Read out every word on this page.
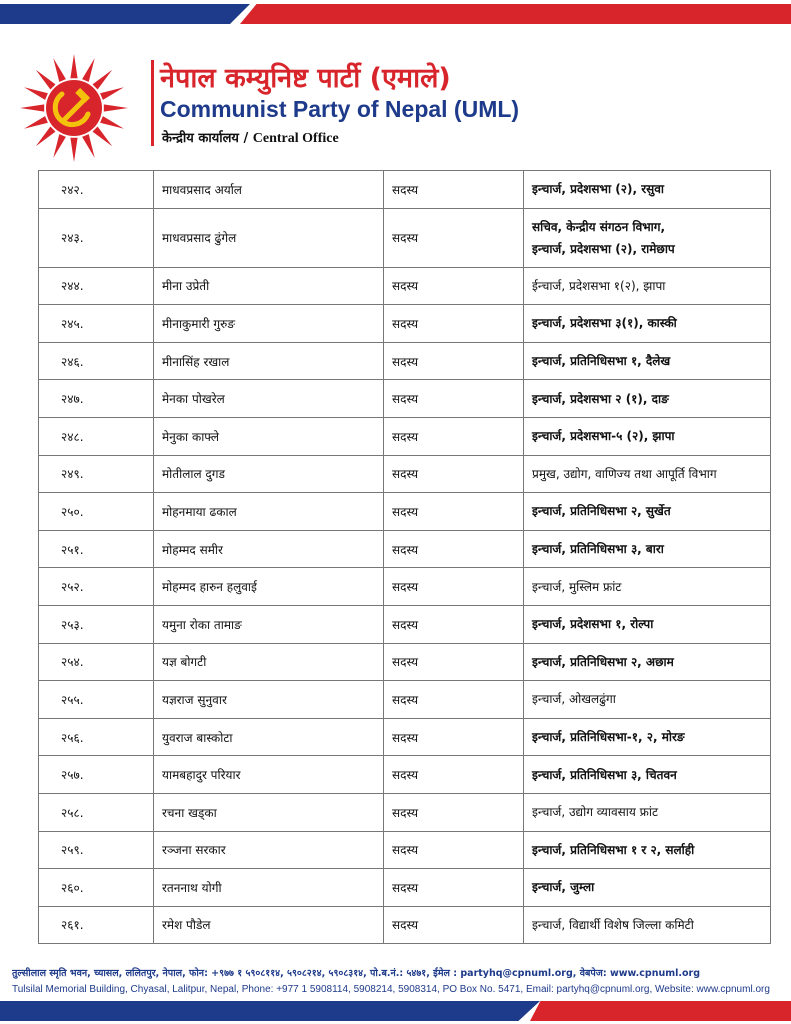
नेपाल कम्युनिष्ट पार्टी (एमाले)
Communist Party of Nepal (UML)
केन्द्रीय कार्यालय / Central Office
२४२.	माधवप्रसाद अर्याल	सदस्य	इन्चार्ज, प्रदेशसभा (२), रसुवा

२४३.	माधवप्रसाद ढुंगेल	सदस्य	सचिव, केन्द्रीय संगठन विभाग,
इन्चार्ज, प्रदेशसभा (२), रामेछाप

२४४.	मीना उप्रेती	सदस्य	ईन्चार्ज, प्रदेशसभा १(२), झापा

२४५.	मीनाकुमारी गुरुङ	सदस्य	इन्चार्ज, प्रदेशसभा ३(१), कास्की

२४६.	मीनासिंह रखाल	सदस्य	इन्चार्ज, प्रतिनिधिसभा १, दैलेख

२४७.	मेनका पोखरेल	सदस्य	इन्चार्ज, प्रदेशसभा २ (१), दाङ

२४८.	मेनुका काफ्ले	सदस्य	इन्चार्ज, प्रदेशसभा-५ (२), झापा

२४९.	मोतीलाल दुगड	सदस्य	प्रमुख, उद्योग, वाणिज्य तथा आपूर्ति विभाग

२५०.	मोहनमाया ढकाल	सदस्य	इन्चार्ज, प्रतिनिधिसभा २, सुर्खेत

२५१.	मोहम्मद समीर	सदस्य	इन्चार्ज, प्रतिनिधिसभा ३, बारा

२५२.	मोहम्मद हारुन हलुवाई	सदस्य	इन्चार्ज, मुस्लिम फ्रांट

२५३.	यमुना रोका तामाङ	सदस्य	इन्चार्ज, प्रदेशसभा १, रोल्पा

२५४.	यज्ञ बोगटी	सदस्य	इन्चार्ज, प्रतिनिधिसभा २, अछाम

२५५.	यज्ञराज सुनुवार	सदस्य	इन्चार्ज, ओखलढुंगा

२५६.	युवराज बास्कोटा	सदस्य	इन्चार्ज, प्रतिनिधिसभा-१, २, मोरङ

२५७.	यामबहादुर परियार	सदस्य	इन्चार्ज, प्रतिनिधिसभा ३, चितवन

२५८.	रचना खड्का	सदस्य	इन्चार्ज, उद्योग व्यावसाय फ्रांट

२५९.	रञ्जना सरकार	सदस्य	इन्चार्ज, प्रतिनिधिसभा १ र २, सर्लाही

२६०.	रतननाथ योगी	सदस्य	इन्चार्ज, जुम्ला

२६१.	रमेश पौडेल	सदस्य	इन्चार्ज, विद्यार्थी विशेष जिल्ला कमिटी
तुल्सीलाल स्मृति भवन, च्यासल, ललितपुर, नेपाल, फोन: +९७७ १ ५९०८११४, ५९०८२१४, ५९०८३१४, पो.ब.नं.: ५४७१, ईमेल : partyhq@cpnuml.org, वेबपेज: www.cpnuml.org
Tulsilal Memorial Building, Chyasal, Lalitpur, Nepal, Phone: +977 1 5908114, 5908214, 5908314, PO Box No. 5471, Email: partyhq@cpnuml.org, Website: www.cpnuml.org
